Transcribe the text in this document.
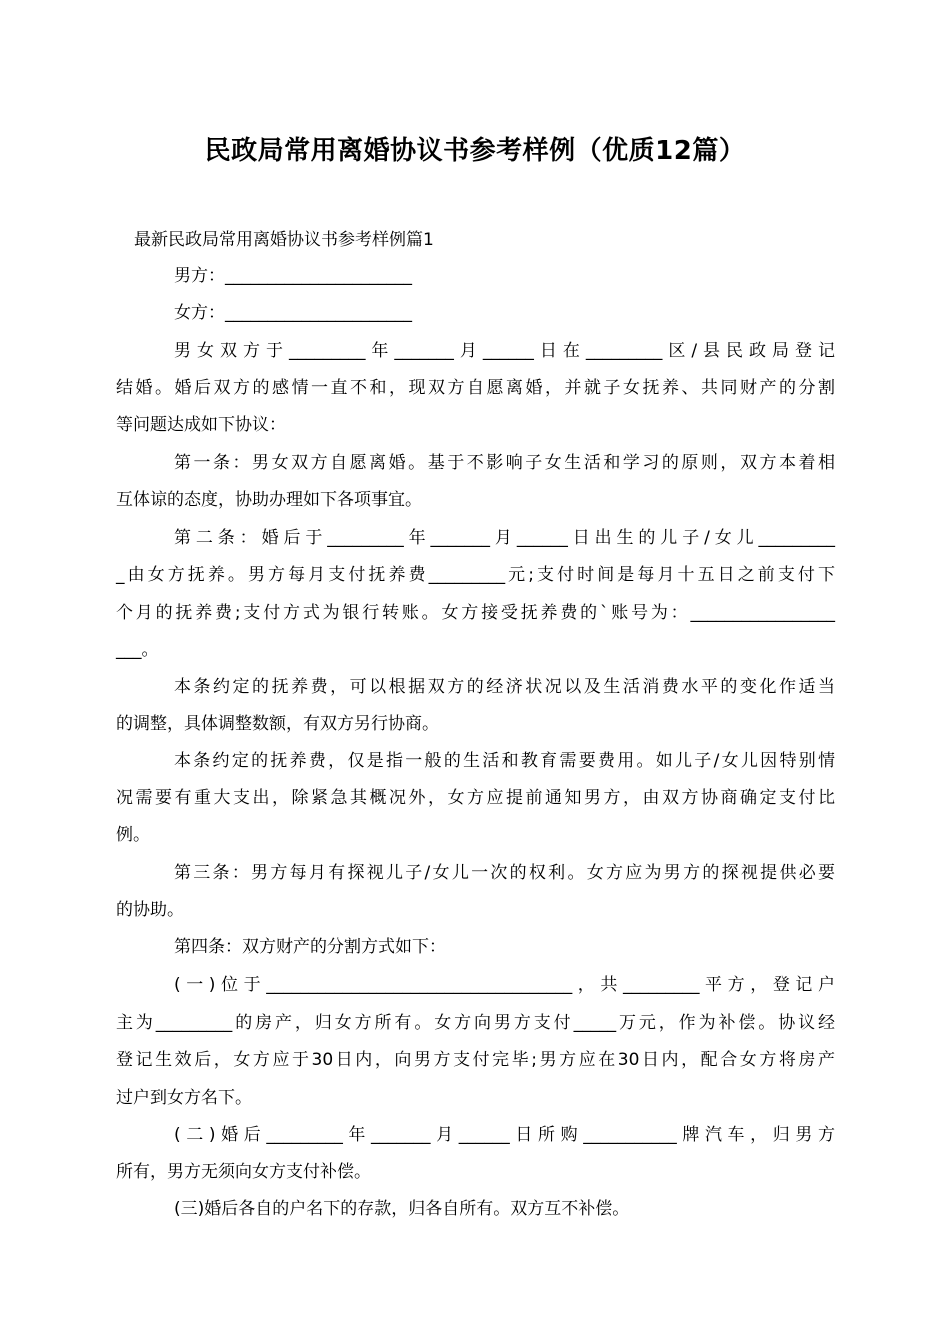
民政局常用离婚协议书参考样例（优质12篇）
最新民政局常用离婚协议书参考样例篇1
男方：______________________
女方：______________________
男女双方于_________年_______月______日在_________区/县民政局登记
结婚。婚后双方的感情一直不和，现双方自愿离婚，并就子女抚养、共同财产的分割
等问题达成如下协议：
第一条：男女双方自愿离婚。基于不影响子女生活和学习的原则，双方本着相
互体谅的态度，协助办理如下各项事宜。
第二条：婚后于_________年_______月______日出生的儿子/女儿_________
_由女方抚养。男方每月支付抚养费_________元;支付时间是每月十五日之前支付下
个月的抚养费;支付方式为银行转账。女方接受抚养费的`账号为：_________________
___。
本条约定的抚养费，可以根据双方的经济状况以及生活消费水平的变化作适当
的调整，具体调整数额，有双方另行协商。
本条约定的抚养费，仅是指一般的生活和教育需要费用。如儿子/女儿因特别情
况需要有重大支出，除紧急其概况外，女方应提前通知男方，由双方协商确定支付比
例。
第三条：男方每月有探视儿子/女儿一次的权利。女方应为男方的探视提供必要
的协助。
第四条：双方财产的分割方式如下：
(一)位于____________________________________，共_________平方，登记户
主为_________的房产，归女方所有。女方向男方支付_____万元，作为补偿。协议经
登记生效后，女方应于30日内，向男方支付完毕;男方应在30日内，配合女方将房产
过户到女方名下。
(二)婚后_________年_______月______日所购___________牌汽车，归男方
所有，男方无须向女方支付补偿。
(三)婚后各自的户名下的存款，归各自所有。双方互不补偿。
